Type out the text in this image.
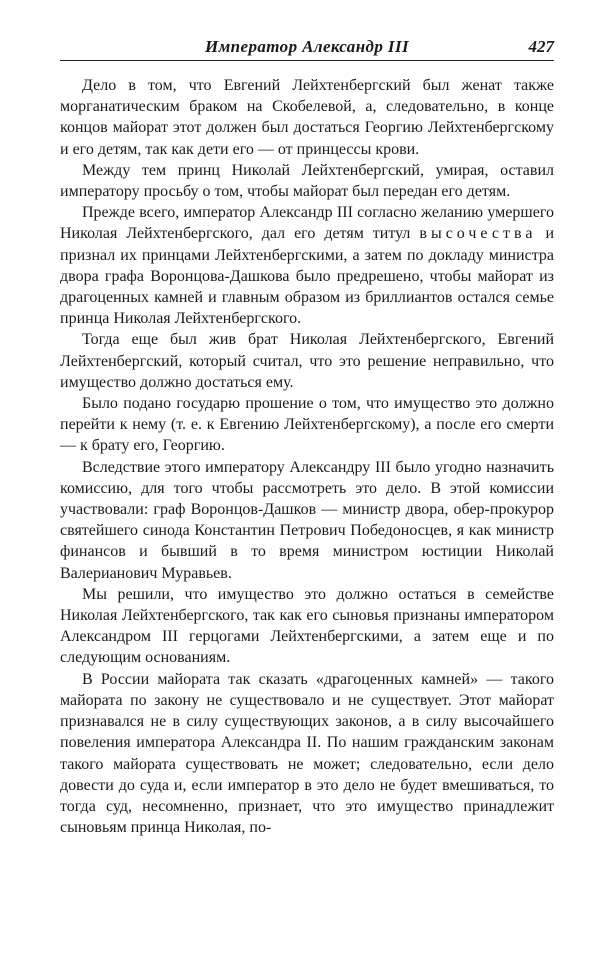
Император Александр III	427

Дело в том, что Евгений Лейхтенбергский был женат также морганатическим браком на Скобелевой, а, следовательно, в конце концов майорат этот должен был достаться Георгию Лейхтенбергскому и его детям, так как дети его — от принцессы крови.

Между тем принц Николай Лейхтенбергский, умирая, оставил императору просьбу о том, чтобы майорат был передан его детям.

Прежде всего, император Александр III согласно желанию умершего Николая Лейхтенбергского, дал его детям титул высочества и признал их принцами Лейхтенбергскими, а затем по докладу министра двора графа Воронцова-Дашкова было предрешено, чтобы майорат из драгоценных камней и главным образом из бриллиантов остался семье принца Николая Лейхтенбергского.

Тогда еще был жив брат Николая Лейхтенбергского, Евгений Лейхтенбергский, который считал, что это решение неправильно, что имущество должно достаться ему.

Было подано государю прошение о том, что имущество это должно перейти к нему (т. е. к Евгению Лейхтенбергскому), а после его смерти — к брату его, Георгию.

Вследствие этого императору Александру III было угодно назначить комиссию, для того чтобы рассмотреть это дело. В этой комиссии участвовали: граф Воронцов-Дашков — министр двора, обер-прокурор святейшего синода Константин Петрович Победоносцев, я как министр финансов и бывший в то время министром юстиции Николай Валерианович Муравьев.

Мы решили, что имущество это должно остаться в семействе Николая Лейхтенбергского, так как его сыновья признаны императором Александром III герцогами Лейхтенбергскими, а затем еще и по следующим основаниям.

В России майората так сказать «драгоценных камней» — такого майората по закону не существовало и не существует. Этот майорат признавался не в силу существующих законов, а в силу высочайшего повеления императора Александра II. По нашим гражданским законам такого майората существовать не может; следовательно, если дело довести до суда и, если император в это дело не будет вмешиваться, то тогда суд, несомненно, признает, что это имущество принадлежит сыновьям принца Николая, по-
